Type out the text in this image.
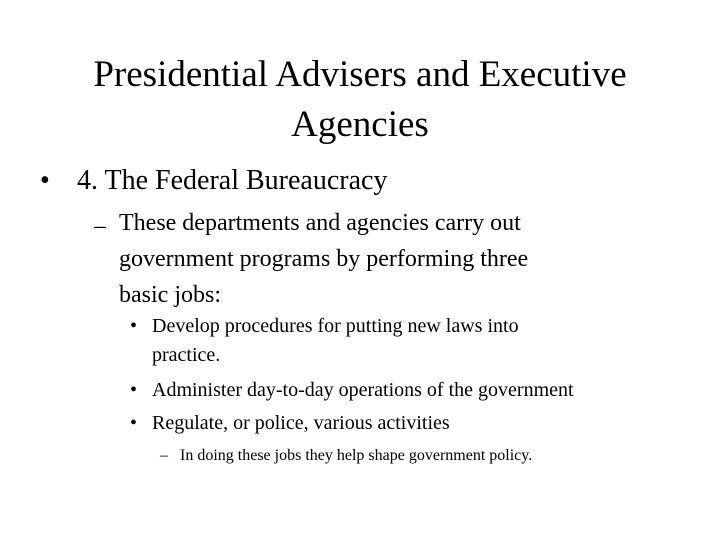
Presidential Advisers and Executive
Agencies
• 4. The Federal Bureaucracy
– These departments and agencies carry out
government programs by performing three
basic jobs:
• Develop procedures for putting new laws into
practice.
• Administer day-to-day operations of the government
• Regulate, or police, various activities
– In doing these jobs they help shape government policy.
